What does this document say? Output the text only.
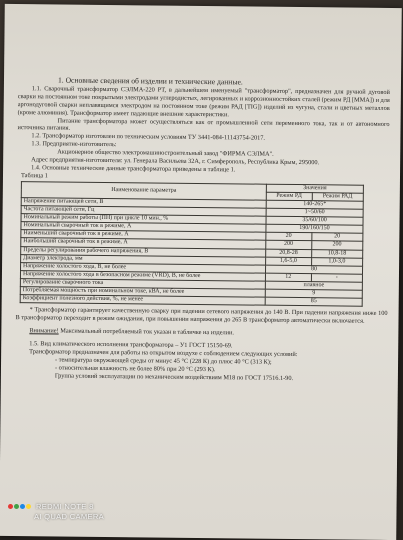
1. Основные сведения об изделии и технические данные.

1.1. Сварочный трансформатор СЭЛМА-220 РТ, в дальнейшем именуемый "трансформатор", предназначен для ручной дуговой сварки на постоянном токе покрытыми электродами углеродистых, легированных и коррозионностойких сталей (режим РД [MMA]) и для аргонодуговой сварки неплавящимся электродом на постоянном токе (режим РАД [TIG]) изделий из чугуна, стали и цветных металлов (кроме алюминия). Трансформатор имеет падающие внешние характеристики.

Питание трансформатора может осуществляться как от промышленной сети переменного тока, так и от автономного источника питания.

1.2. Трансформатор изготовлен по техническим условиям ТУ 3441-084-11143754-2017.

1.3. Предприятие-изготовитель:

Акционерное общество электромашиностроительный завод "ФИРМА СЭЛМА".

Адрес предприятия-изготовителя: ул. Генерала Васильева 32А, г. Симферополь, Республика Крым, 295000.

1.4. Основные технические данные трансформатора приведены в таблице 1.

Таблица 1

Наименование параметра	Значения	
	Режим РД	Режим РАД
Напряжение питающей сети, В	140-265*	
Частота питающей сети, Гц	1~50/60	
Номинальный режим работы (ПН) при цикле 10 мин., %	35/60/100	
Номинальный сварочный ток в режиме, А	190/160/150	
Наименьший сварочный ток в режиме, А	20	20
Наибольший сварочный ток в режиме, А	200	200
Пределы регулирования рабочего напряжения, В	20,8-28	10,8-18
Диаметр электрода, мм	1,6-5,0	1,0-3,0
Напряжение холостого хода, В, не более	80	
Напряжение холостого хода в безопасном режиме (VRD), В, не более	12	-
Регулирование сварочного тока	плавное	
Потребляемая мощность при номинальном токе, кВА, не более	9	
Коэффициент полезного действия, %, не менее	85	

* Трансформатор гарантирует качественную сварку при падении сетевого напряжения до 140 В. При падении напряжения ниже 100 В трансформатор переходит в режим ожидания, при повышении напряжения до 265 В трансформатор автоматически включается.

Внимание! Максимальный потребляемый ток указан в табличке на изделии.

1.5. Вид климатического исполнения трансформатора – У1 ГОСТ 15150-69.

Трансформатор предназначен для работы на открытом воздухе с соблюдением следующих условий:

- температура окружающей среды от минус 45 °С (228 К) до плюс 40 °С (313 К);

- относительная влажность не более 80% при 20 °С (293 К).

Группа условий эксплуатации по механическим воздействиям М18 по ГОСТ 17516.1-90.

REDMI NOTE 8
AI QUAD CAMERA
